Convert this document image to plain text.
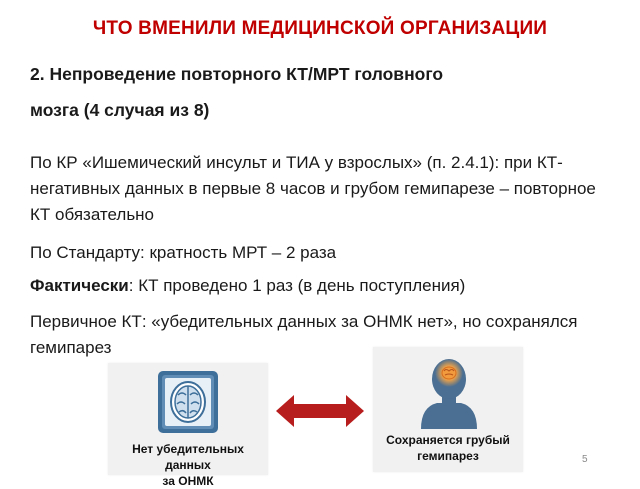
ЧТО ВМЕНИЛИ МЕДИЦИНСКОЙ ОРГАНИЗАЦИИ
2. Непроведение повторного КТ/МРТ головного
мозга (4 случая из 8)
По КР «Ишемический инсульт и ТИА у взрослых» (п. 2.4.1): при КТ-негативных данных в первые 8 часов и грубом гемипарезе – повторное КТ обязательно
По Стандарту: кратность МРТ – 2 раза
Фактически: КТ проведено 1 раз (в день поступления)
Первичное КТ: «убедительных данных за ОНМК нет», но сохранялся гемипарез
Нет убедительных данных
за ОНМК
Сохраняется грубый
гемипарез	5
